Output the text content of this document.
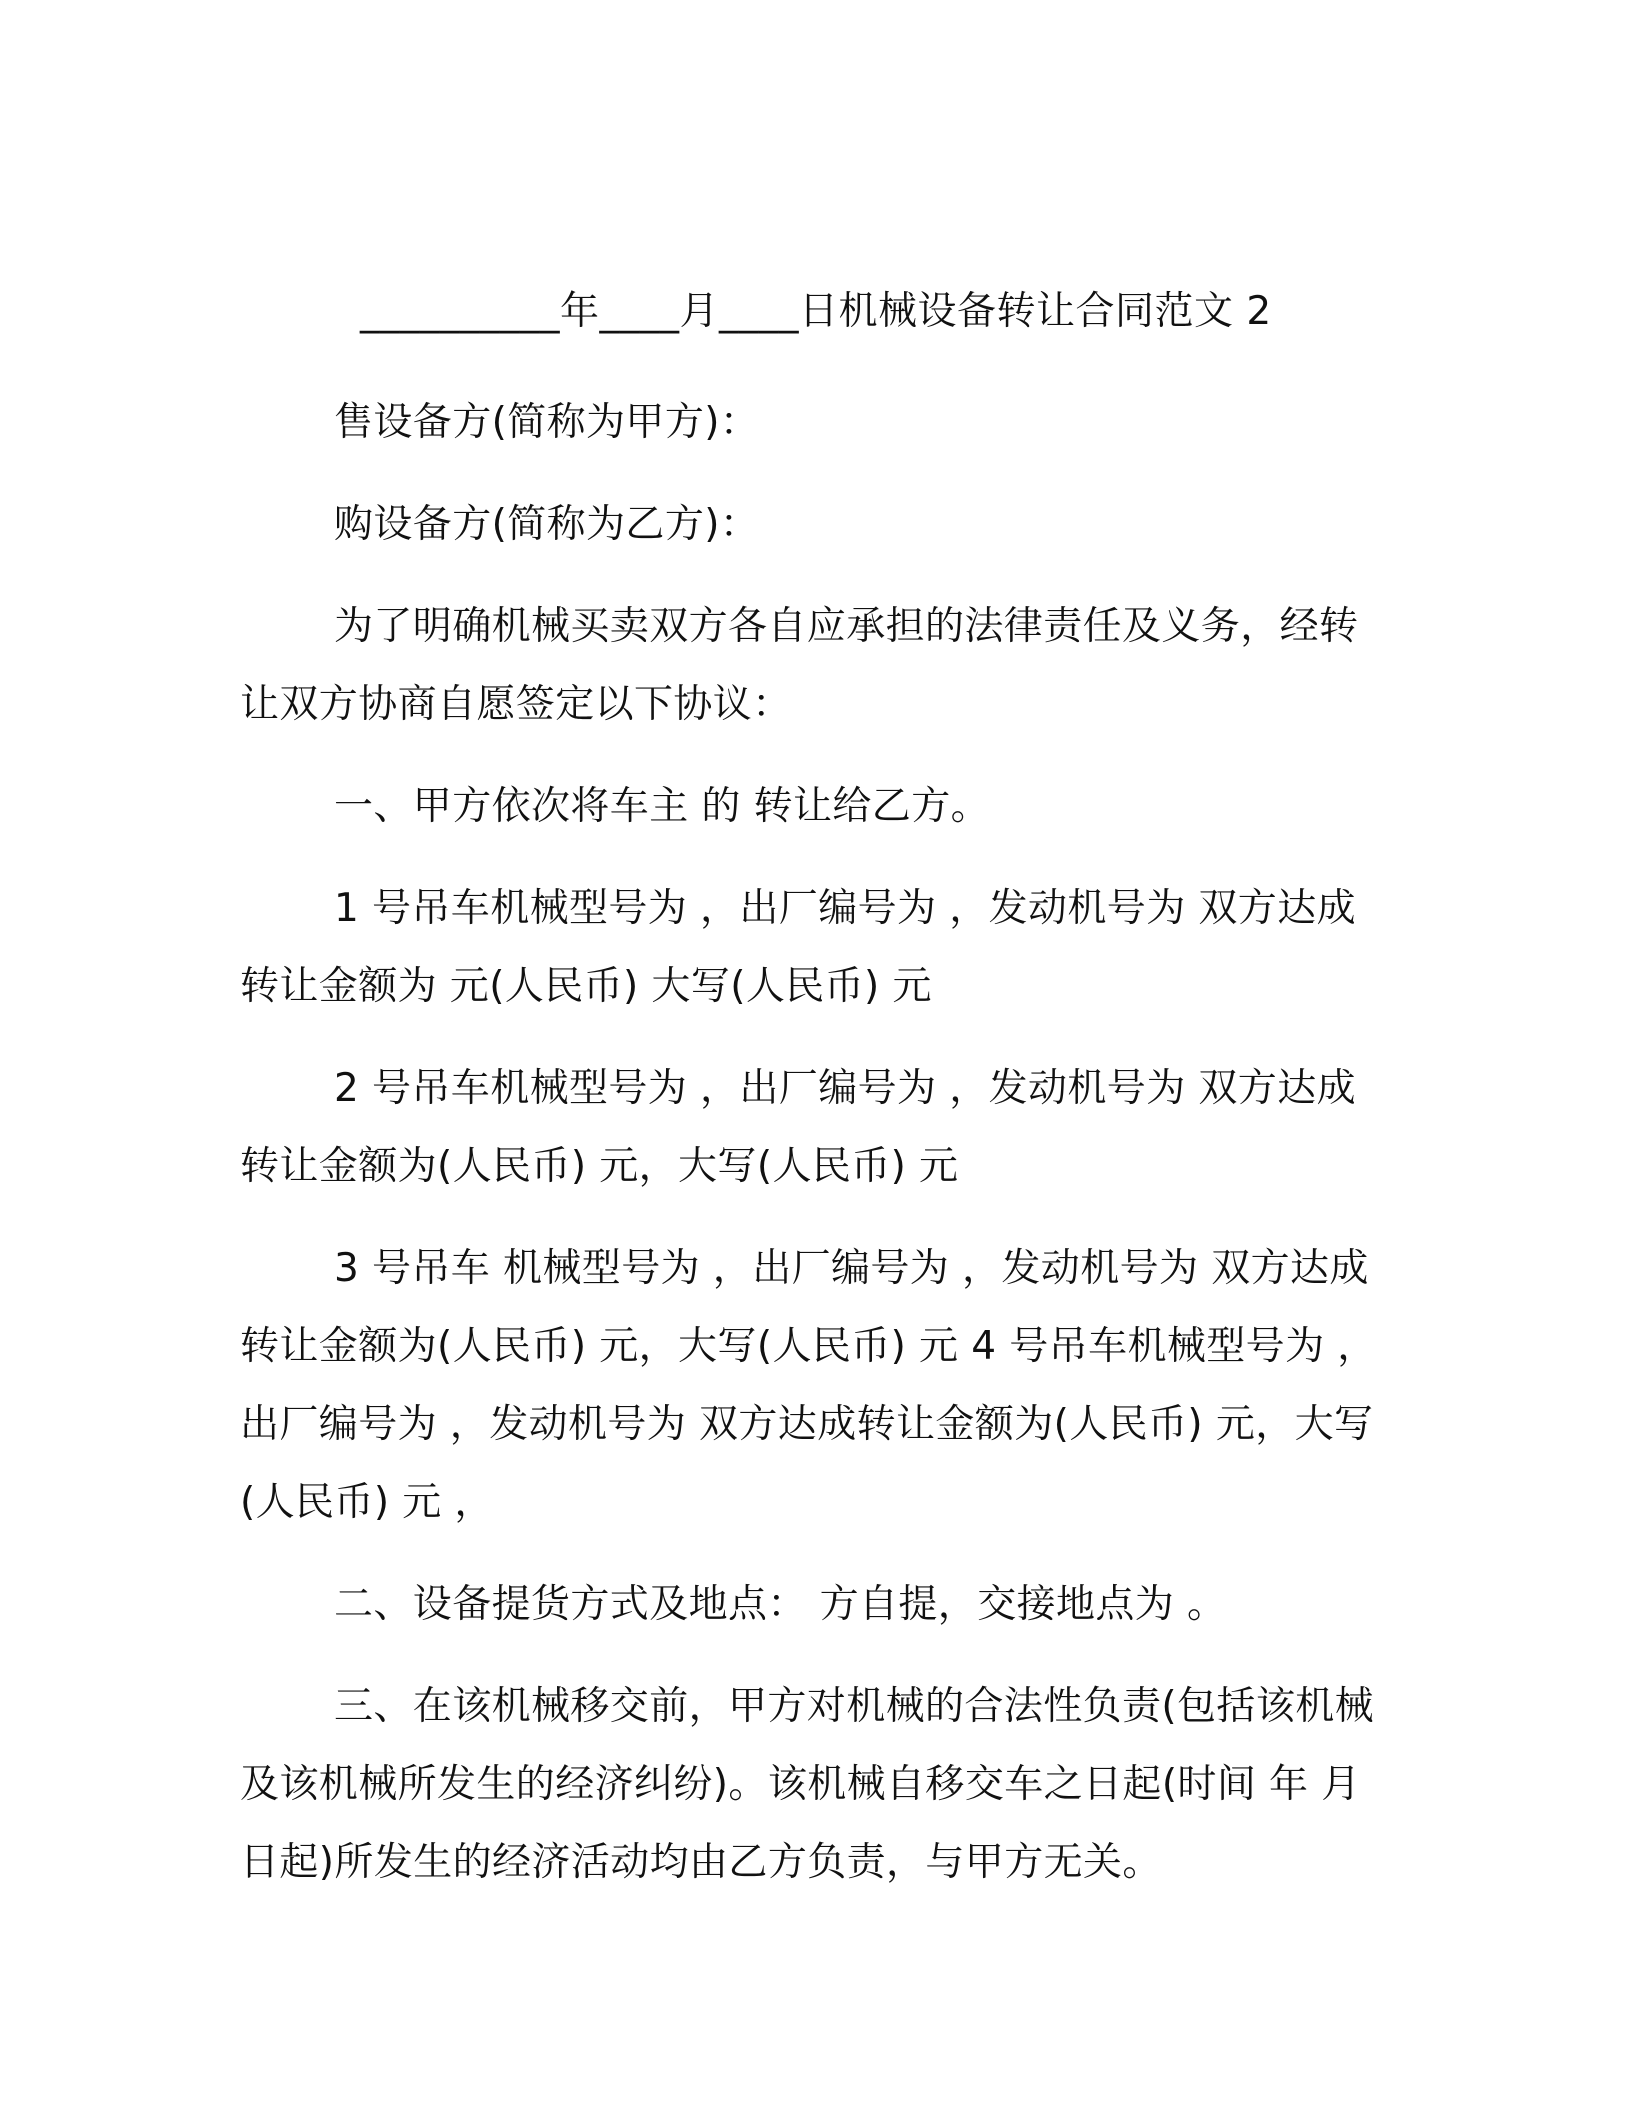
__________年____月____日机械设备转让合同范文 2

售设备方(简称为甲方)：

购设备方(简称为乙方)：

为了明确机械买卖双方各自应承担的法律责任及义务，经转让双方协商自愿签定以下协议：

一、甲方依次将车主 的 转让给乙方。

1 号吊车机械型号为 ，出厂编号为 ，发动机号为 双方达成转让金额为 元(人民币) 大写(人民币) 元

2 号吊车机械型号为 ，出厂编号为 ，发动机号为 双方达成转让金额为(人民币) 元，大写(人民币) 元

3 号吊车 机械型号为 ，出厂编号为 ，发动机号为 双方达成转让金额为(人民币) 元，大写(人民币) 元 4 号吊车机械型号为 ，出厂编号为 ，发动机号为 双方达成转让金额为(人民币) 元，大写(人民币) 元 ，

二、设备提货方式及地点： 方自提，交接地点为 。

三、在该机械移交前，甲方对机械的合法性负责(包括该机械及该机械所发生的经济纠纷)。该机械自移交车之日起(时间 年 月 日起)所发生的经济活动均由乙方负责，与甲方无关。
